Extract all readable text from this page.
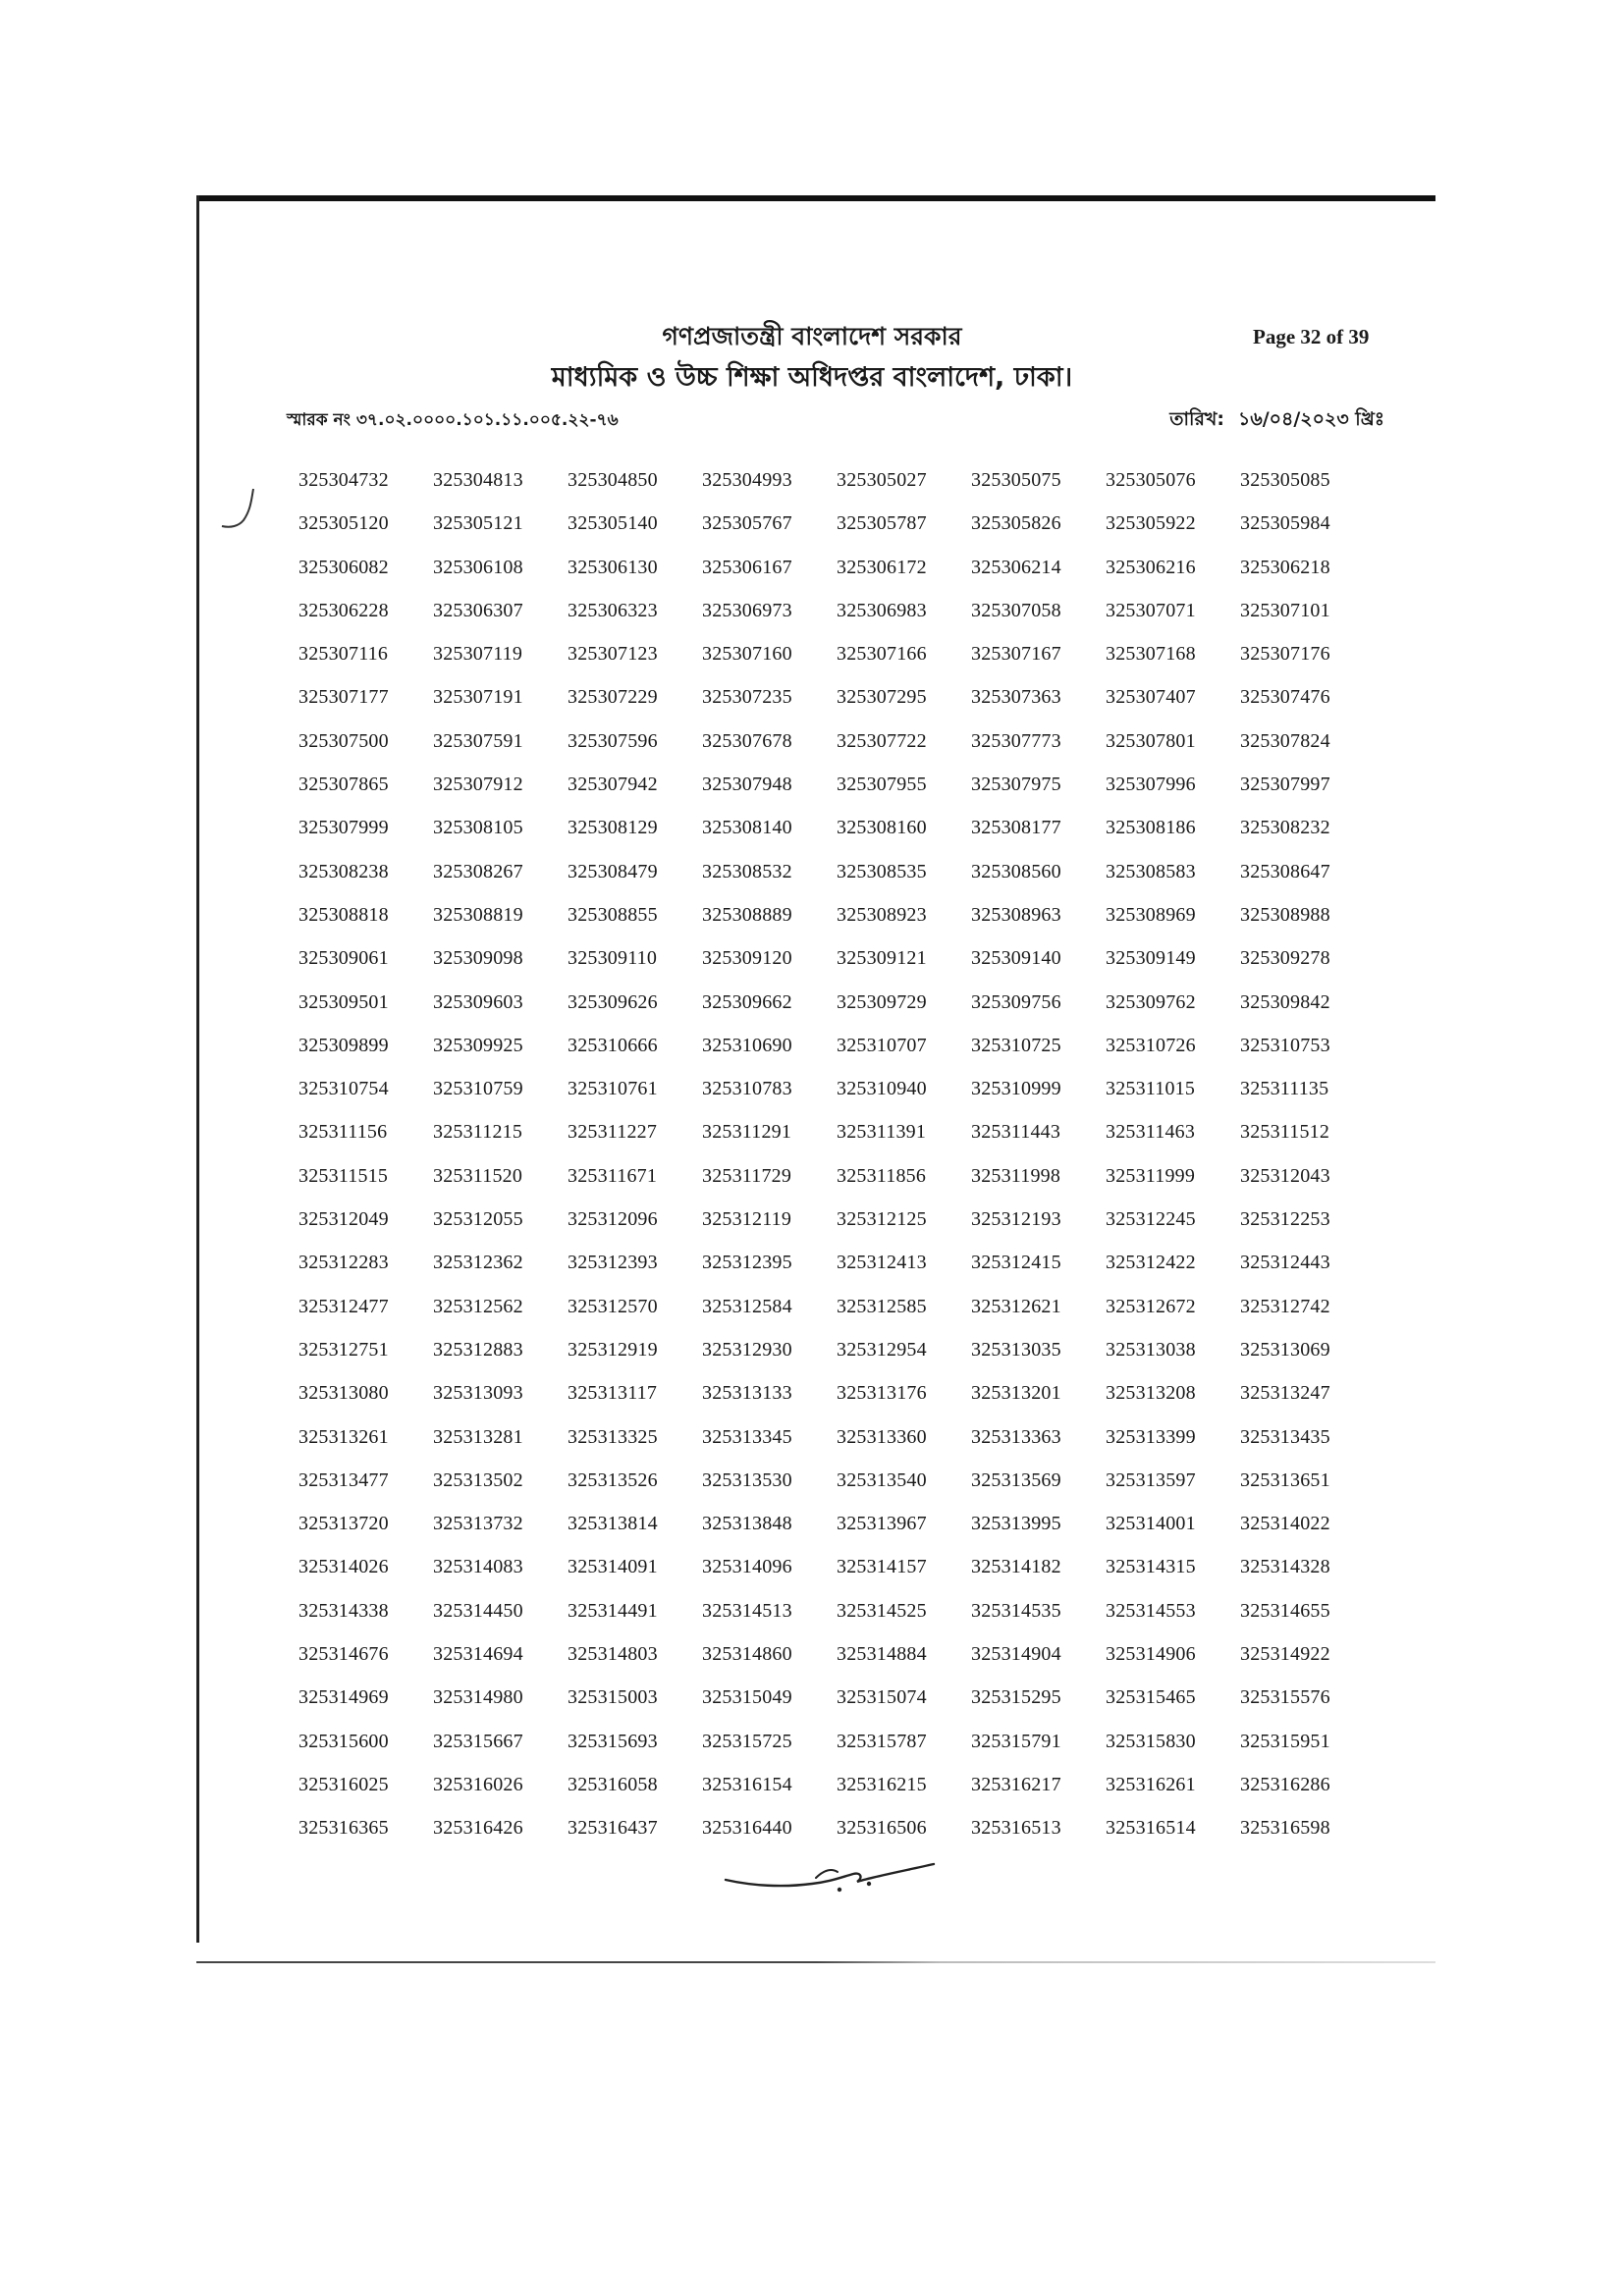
গণপ্রজাতন্ত্রী বাংলাদেশ সরকার
মাধ্যমিক ও উচ্চ শিক্ষা অধিদপ্তর বাংলাদেশ, ঢাকা।
Page 32 of 39
স্মারক নং ৩৭.০২.০০০০.১০১.১১.০০৫.২২-৭৬	তারিখ: ১৬/০৪/২০২৩ খ্রিঃ
325304732	325304813	325304850	325304993	325305027	325305075	325305076	325305085
325305120	325305121	325305140	325305767	325305787	325305826	325305922	325305984
325306082	325306108	325306130	325306167	325306172	325306214	325306216	325306218
325306228	325306307	325306323	325306973	325306983	325307058	325307071	325307101
325307116	325307119	325307123	325307160	325307166	325307167	325307168	325307176
325307177	325307191	325307229	325307235	325307295	325307363	325307407	325307476
325307500	325307591	325307596	325307678	325307722	325307773	325307801	325307824
325307865	325307912	325307942	325307948	325307955	325307975	325307996	325307997
325307999	325308105	325308129	325308140	325308160	325308177	325308186	325308232
325308238	325308267	325308479	325308532	325308535	325308560	325308583	325308647
325308818	325308819	325308855	325308889	325308923	325308963	325308969	325308988
325309061	325309098	325309110	325309120	325309121	325309140	325309149	325309278
325309501	325309603	325309626	325309662	325309729	325309756	325309762	325309842
325309899	325309925	325310666	325310690	325310707	325310725	325310726	325310753
325310754	325310759	325310761	325310783	325310940	325310999	325311015	325311135
325311156	325311215	325311227	325311291	325311391	325311443	325311463	325311512
325311515	325311520	325311671	325311729	325311856	325311998	325311999	325312043
325312049	325312055	325312096	325312119	325312125	325312193	325312245	325312253
325312283	325312362	325312393	325312395	325312413	325312415	325312422	325312443
325312477	325312562	325312570	325312584	325312585	325312621	325312672	325312742
325312751	325312883	325312919	325312930	325312954	325313035	325313038	325313069
325313080	325313093	325313117	325313133	325313176	325313201	325313208	325313247
325313261	325313281	325313325	325313345	325313360	325313363	325313399	325313435
325313477	325313502	325313526	325313530	325313540	325313569	325313597	325313651
325313720	325313732	325313814	325313848	325313967	325313995	325314001	325314022
325314026	325314083	325314091	325314096	325314157	325314182	325314315	325314328
325314338	325314450	325314491	325314513	325314525	325314535	325314553	325314655
325314676	325314694	325314803	325314860	325314884	325314904	325314906	325314922
325314969	325314980	325315003	325315049	325315074	325315295	325315465	325315576
325315600	325315667	325315693	325315725	325315787	325315791	325315830	325315951
325316025	325316026	325316058	325316154	325316215	325316217	325316261	325316286
325316365	325316426	325316437	325316440	325316506	325316513	325316514	325316598
